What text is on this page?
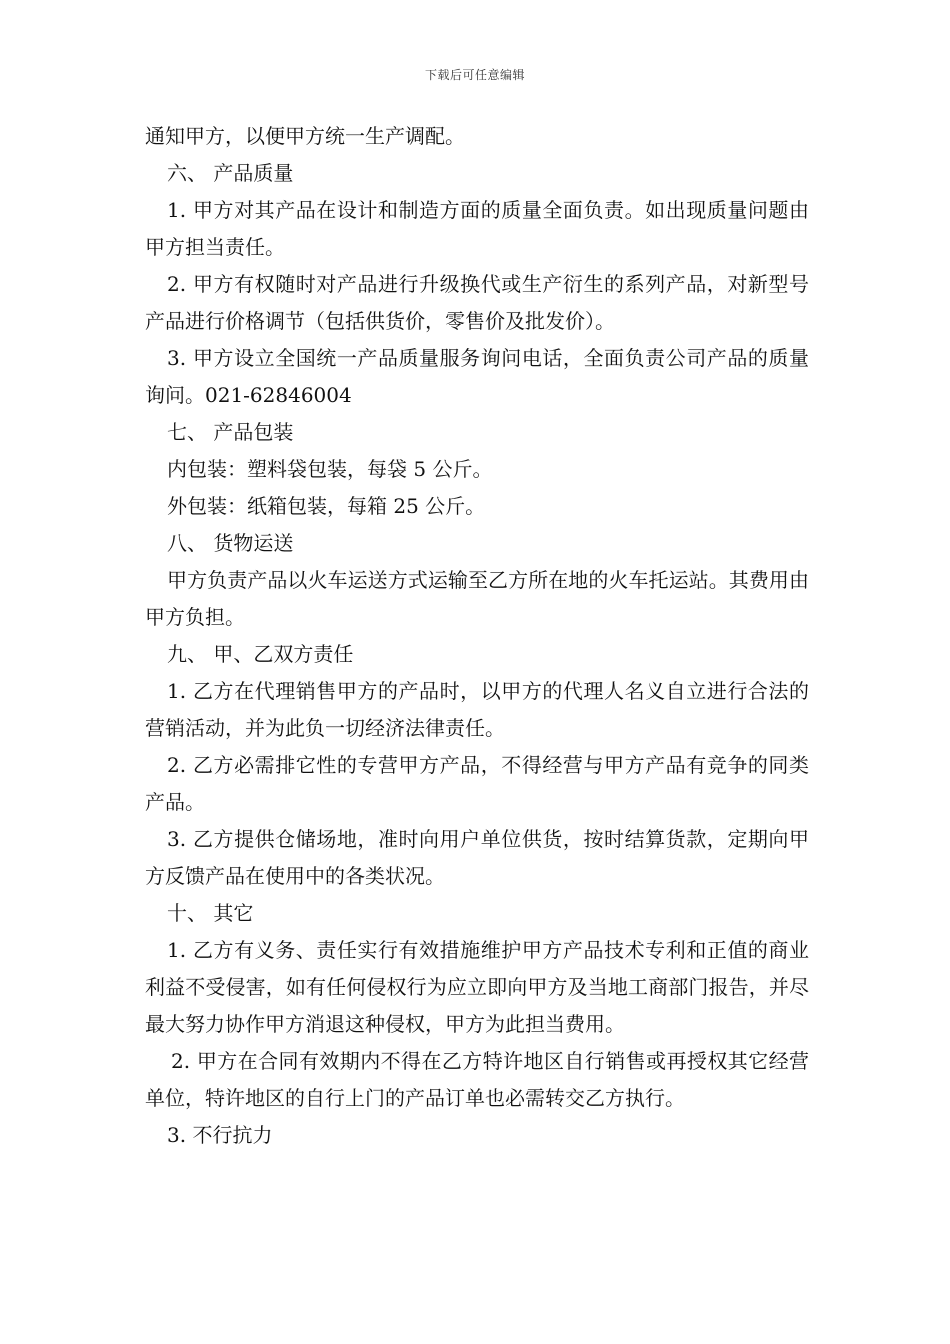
下载后可任意编辑

通知甲方，以便甲方统一生产调配。

六、 产品质量

1. 甲方对其产品在设计和制造方面的质量全面负责。如出现质量问题由甲方担当责任。

2. 甲方有权随时对产品进行升级换代或生产衍生的系列产品，对新型号产品进行价格调节（包括供货价，零售价及批发价）。

3. 甲方设立全国统一产品质量服务询问电话，全面负责公司产品的质量询问。021-62846004

七、 产品包装

内包装：塑料袋包装，每袋 5 公斤。

外包装：纸箱包装，每箱 25 公斤。

八、 货物运送

甲方负责产品以火车运送方式运输至乙方所在地的火车托运站。其费用由甲方负担。

九、 甲、乙双方责任

1. 乙方在代理销售甲方的产品时，以甲方的代理人名义自立进行合法的营销活动，并为此负一切经济法律责任。

2. 乙方必需排它性的专营甲方产品，不得经营与甲方产品有竞争的同类产品。

3. 乙方提供仓储场地，准时向用户单位供货，按时结算货款，定期向甲方反馈产品在使用中的各类状况。

十、 其它

1. 乙方有义务、责任实行有效措施维护甲方产品技术专利和正值的商业利益不受侵害，如有任何侵权行为应立即向甲方及当地工商部门报告，并尽最大努力协作甲方消退这种侵权，甲方为此担当费用。

2. 甲方在合同有效期内不得在乙方特许地区自行销售或再授权其它经营单位，特许地区的自行上门的产品订单也必需转交乙方执行。

3. 不行抗力
